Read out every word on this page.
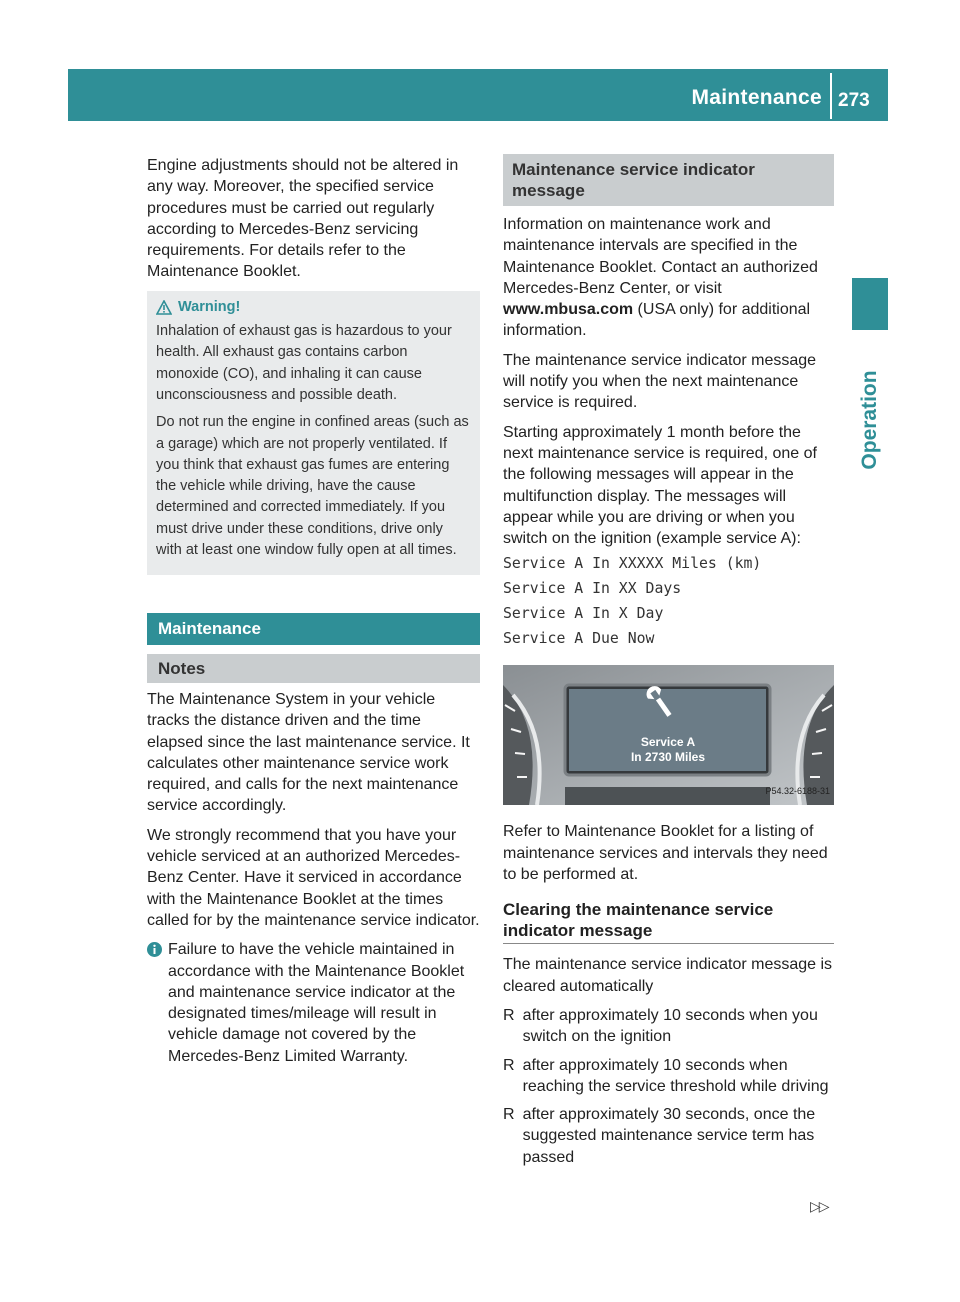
Maintenance 273
Operation

Engine adjustments should not be altered in any way. Moreover, the specified service procedures must be carried out regularly according to Mercedes-Benz servicing requirements. For details refer to the Maintenance Booklet.

Warning!

Inhalation of exhaust gas is hazardous to your health. All exhaust gas contains carbon monoxide (CO), and inhaling it can cause unconsciousness and possible death.

Do not run the engine in confined areas (such as a garage) which are not properly ventilated. If you think that exhaust gas fumes are entering the vehicle while driving, have the cause determined and corrected immediately. If you must drive under these conditions, drive only with at least one window fully open at all times.

Maintenance
Notes

The Maintenance System in your vehicle tracks the distance driven and the time elapsed since the last maintenance service. It calculates other maintenance service work required, and calls for the next maintenance service accordingly.

We strongly recommend that you have your vehicle serviced at an authorized Mercedes-Benz Center. Have it serviced in accordance with the Maintenance Booklet at the times called for by the maintenance service indicator.

Failure to have the vehicle maintained in accordance with the Maintenance Booklet and maintenance service indicator at the designated times/mileage will result in vehicle damage not covered by the Mercedes-Benz Limited Warranty.
Maintenance service indicator message

Information on maintenance work and maintenance intervals are specified in the Maintenance Booklet. Contact an authorized Mercedes-Benz Center, or visit www.mbusa.com (USA only) for additional information.

The maintenance service indicator message will notify you when the next maintenance service is required.

Starting approximately 1 month before the next maintenance service is required, one of the following messages will appear in the multifunction display. The messages will appear while you are driving or when you switch on the ignition (example service A):

Service A In XXXXX Miles (km)
Service A In XX Days
Service A In X Day
Service A Due Now
Service A
In 2730 Miles
P54.32-6188-31

Refer to Maintenance Booklet for a listing of maintenance services and intervals they need to be performed at.

Clearing the maintenance service indicator message

The maintenance service indicator message is cleared automatically

R after approximately 10 seconds when you switch on the ignition
R after approximately 10 seconds when reaching the service threshold while driving
R after approximately 30 seconds, once the suggested maintenance service term has passed
▷▷
